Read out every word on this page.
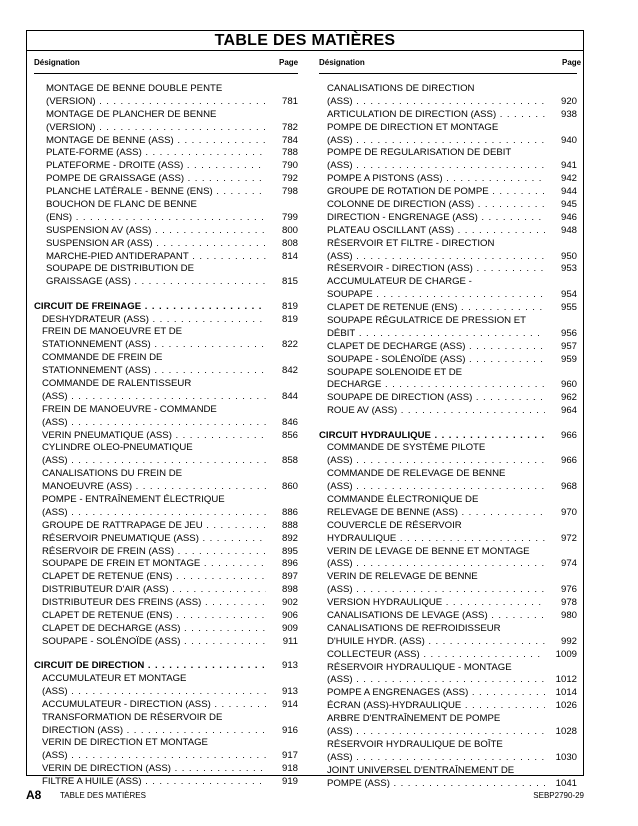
TABLE DES MATIÈRES
Désignation	Page	Désignation	Page
MONTAGE DE BENNE DOUBLE PENTE
(VERSION) . . .	781
MONTAGE DE PLANCHER DE BENNE
(VERSION) . . .	782
MONTAGE DE BENNE (ASS) . . .	784
PLATE-FORME (ASS) . . .	788
PLATEFORME - DROITE (ASS) . . .	790
POMPE DE GRAISSAGE (ASS) . . .	792
PLANCHE LATÉRALE - BENNE (ENS) . . .	798
BOUCHON DE FLANC DE BENNE
(ENS) . . .	799
SUSPENSION AV (ASS) . . .	800
SUSPENSION AR (ASS) . . .	808
MARCHE-PIED ANTIDERAPANT . . .	814
SOUPAPE DE DISTRIBUTION DE
GRAISSAGE (ASS) . . .	815
CIRCUIT DE FREINAGE . . .	819
DESHYDRATEUR (ASS) . . .	819
FREIN DE MANOEUVRE ET DE
STATIONNEMENT (ASS) . . .	822
COMMANDE DE FREIN DE
STATIONNEMENT (ASS) . . .	842
COMMANDE DE RALENTISSEUR
(ASS) . . .	844
FREIN DE MANOEUVRE - COMMANDE
(ASS) . . .	846
VERIN PNEUMATIQUE (ASS) . . .	856
CYLINDRE OLEO-PNEUMATIQUE
(ASS) . . .	858
CANALISATIONS DU FREIN DE
MANOEUVRE (ASS) . . .	860
POMPE - ENTRAÎNEMENT ÉLECTRIQUE
(ASS) . . .	886
GROUPE DE RATTRAPAGE DE JEU . . .	888
RÉSERVOIR PNEUMATIQUE (ASS) . . .	892
RÉSERVOIR DE FREIN (ASS) . . .	895
SOUPAPE DE FREIN ET MONTAGE . . .	896
CLAPET DE RETENUE (ENS) . . .	897
DISTRIBUTEUR D'AIR (ASS) . . .	898
DISTRIBUTEUR DES FREINS (ASS) . . .	902
CLAPET DE RETENUE (ENS) . . .	906
CLAPET DE DECHARGE (ASS) . . .	909
SOUPAPE - SOLÉNOÏDE (ASS) . . .	911
CIRCUIT DE DIRECTION . . .	913
ACCUMULATEUR ET MONTAGE
(ASS) . . .	913
ACCUMULATEUR - DIRECTION (ASS) . . .	914
TRANSFORMATION DE RÉSERVOIR DE
DIRECTION (ASS) . . .	916
VERIN DE DIRECTION ET MONTAGE
(ASS) . . .	917
VERIN DE DIRECTION (ASS) . . .	918
FILTRE A HUILE (ASS) . . .	919
CANALISATIONS DE DIRECTION
(ASS) . . .	920
ARTICULATION DE DIRECTION (ASS) . . .	938
POMPE DE DIRECTION ET MONTAGE
(ASS) . . .	940
POMPE DE REGULARISATION DE DEBIT
(ASS) . . .	941
POMPE A PISTONS (ASS) . . .	942
GROUPE DE ROTATION DE POMPE . . .	944
COLONNE DE DIRECTION (ASS) . . .	945
DIRECTION - ENGRENAGE (ASS) . . .	946
PLATEAU OSCILLANT (ASS) . . .	948
RÉSERVOIR ET FILTRE - DIRECTION
(ASS) . . .	950
RÉSERVOIR - DIRECTION (ASS) . . .	953
ACCUMULATEUR DE CHARGE -
SOUPAPE . . .	954
CLAPET DE RETENUE (ENS) . . .	955
SOUPAPE RÉGULATRICE DE PRESSION ET
DÉBIT . . .	956
CLAPET DE DECHARGE (ASS) . . .	957
SOUPAPE - SOLÉNOÏDE (ASS) . . .	959
SOUPAPE SOLENOIDE ET DE
DECHARGE . . .	960
SOUPAPE DE DIRECTION (ASS) . . .	962
ROUE AV (ASS) . . .	964
CIRCUIT HYDRAULIQUE . . .	966
COMMANDE DE SYSTÈME PILOTE
(ASS) . . .	966
COMMANDE DE RELEVAGE DE BENNE
(ASS) . . .	968
COMMANDE ÉLECTRONIQUE DE
RELEVAGE DE BENNE (ASS) . . .	970
COUVERCLE DE RÉSERVOIR
HYDRAULIQUE . . .	972
VERIN DE LEVAGE DE BENNE ET MONTAGE
(ASS) . . .	974
VERIN DE RELEVAGE DE BENNE
(ASS) . . .	976
VERSION HYDRAULIQUE . . .	978
CANALISATIONS DE LEVAGE (ASS) . . .	980
CANALISATIONS DE REFROIDISSEUR
D'HUILE HYDR. (ASS) . . .	992
COLLECTEUR (ASS) . . .	1009
RÉSERVOIR HYDRAULIQUE - MONTAGE
(ASS) . . .	1012
POMPE A ENGRENAGES (ASS) . . .	1014
ÉCRAN (ASS)-HYDRAULIQUE . . .	1026
ARBRE D'ENTRAÎNEMENT DE POMPE
(ASS) . . .	1028
RÉSERVOIR HYDRAULIQUE DE BOÎTE
(ASS) . . .	1030
JOINT UNIVERSEL D'ENTRAÎNEMENT DE
POMPE (ASS) . . .	1041
A8 TABLE DES MATIÈRES	SEBP2790-29
